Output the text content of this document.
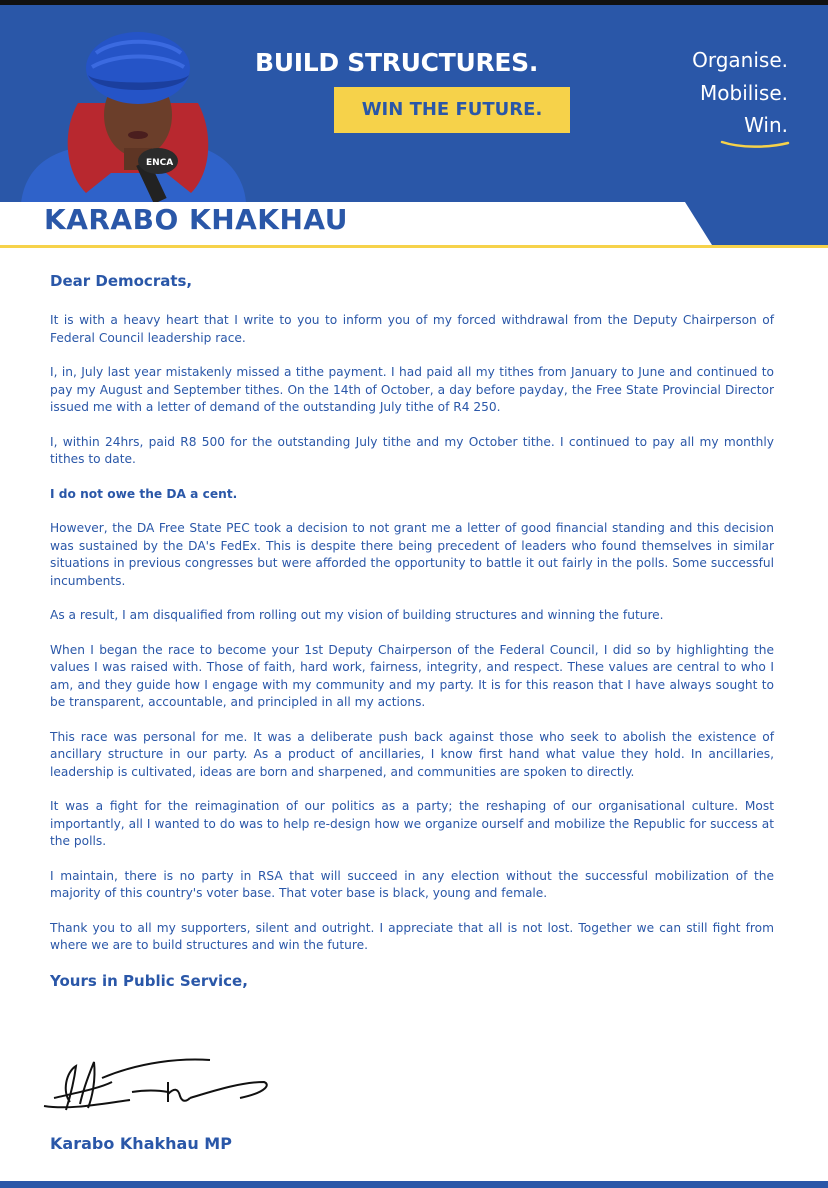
ENCA
BUILD STRUCTURES.
WIN THE FUTURE.
Organise.
Mobilise.
Win.
KARABO KHAKHAU

Dear Democrats,

It is with a heavy heart that I write to you to inform you of my forced withdrawal from the Deputy Chairperson of Federal Council leadership race.

I, in, July last year mistakenly missed a tithe payment. I had paid all my tithes from January to June and continued to pay my August and September tithes. On the 14th of October, a day before payday, the Free State Provincial Director issued me with a letter of demand of the outstanding July tithe of R4 250.

I, within 24hrs, paid R8 500 for the outstanding July tithe and my October tithe. I continued to pay all my monthly tithes to date.

I do not owe the DA a cent.

However, the DA Free State PEC took a decision to not grant me a letter of good financial standing and this decision was sustained by the DA's FedEx. This is despite there being precedent of leaders who found themselves in similar situations in previous congresses but were afforded the opportunity to battle it out fairly in the polls. Some successful incumbents.

As a result, I am disqualified from rolling out my vision of building structures and winning the future.

When I began the race to become your 1st Deputy Chairperson of the Federal Council, I did so by highlighting the values I was raised with. Those of faith, hard work, fairness, integrity, and respect. These values are central to who I am, and they guide how I engage with my community and my party. It is for this reason that I have always sought to be transparent, accountable, and principled in all my actions.

This race was personal for me. It was a deliberate push back against those who seek to abolish the existence of ancillary structure in our party. As a product of ancillaries, I know first hand what value they hold. In ancillaries, leadership is cultivated, ideas are born and sharpened, and communities are spoken to directly.

It was a fight for the reimagination of our politics as a party; the reshaping of our organisational culture. Most importantly, all I wanted to do was to help re-design how we organize ourself and mobilize the Republic for success at the polls.

I maintain, there is no party in RSA that will succeed in any election without the successful mobilization of the majority of this country's voter base. That voter base is black, young and female.

Thank you to all my supporters, silent and outright. I appreciate that all is not lost. Together we can still fight from where we are to build structures and win the future.

Yours in Public Service,

Karabo Khakhau MP
